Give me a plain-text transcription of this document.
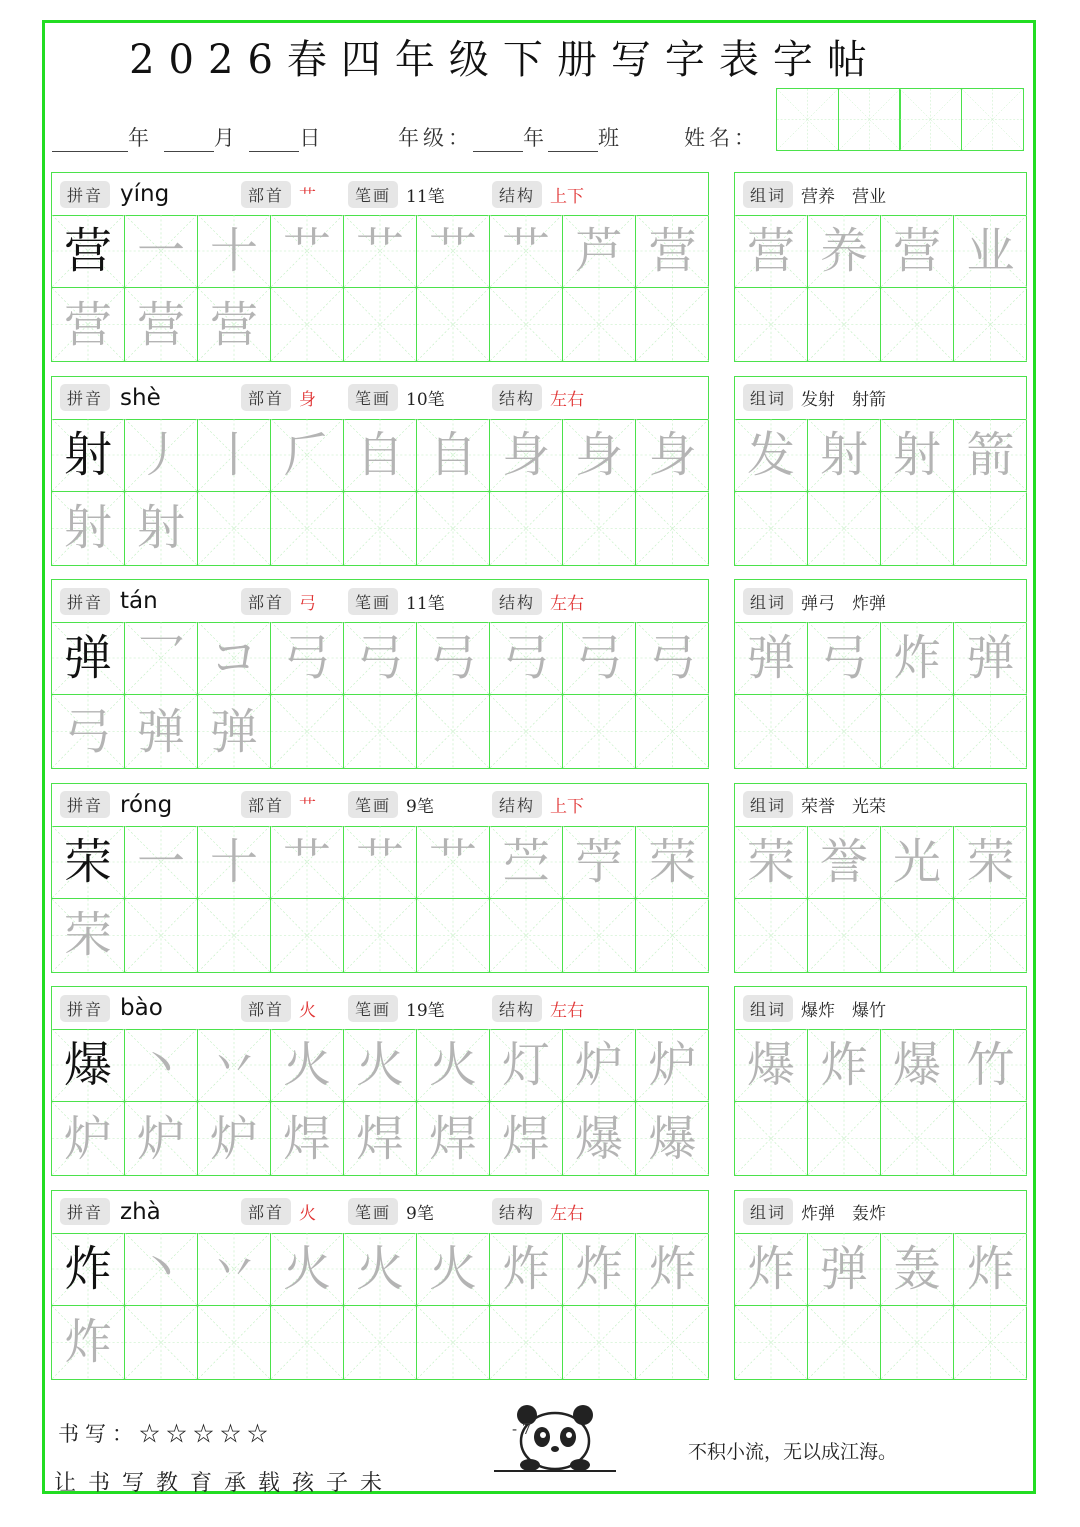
2026春四年级下册写字表字帖
年	月	日	年级： 年 班	姓名：
拼音 yíng	部首 艹	笔画 11笔	结构 上下
营 一 十 艹 艹 艹 艹 芦 营
营 营 营
组词 营养　营业
营 养 营 业
拼音 shè	部首 身	笔画 10笔	结构 左右
射 丿 丨 𠂆 自 自 身 身 身
射 射
组词 发射　射箭
发 射 射 箭
拼音 tán	部首 弓	笔画 11笔	结构 左右
弹 乛 コ 弓 弓 弓 弓 弓 弓
弓 弹 弹
组词 弹弓　炸弹
弹 弓 炸 弹
拼音 róng	部首 艹	笔画 9笔	结构 上下
荣 一 十 艹 艹 艹 苎 苧 荣
荣
组词 荣誉　光荣
荣 誉 光 荣
拼音 bào	部首 火	笔画 19笔	结构 左右
爆 丶 丷 火 火 火 灯 炉 炉
炉 炉 炉 焊 焊 焊 焊 爆 爆
组词 爆炸　爆竹
爆 炸 爆 竹
拼音 zhà	部首 火	笔画 9笔	结构 左右
炸 丶 丷 火 火 火 炸 炸 炸
炸
组词 炸弹　轰炸
炸 弹 轰 炸
书写：☆☆☆☆☆
让书写教育承载孩子未
- 7 -
不积小流，无以成江海。
